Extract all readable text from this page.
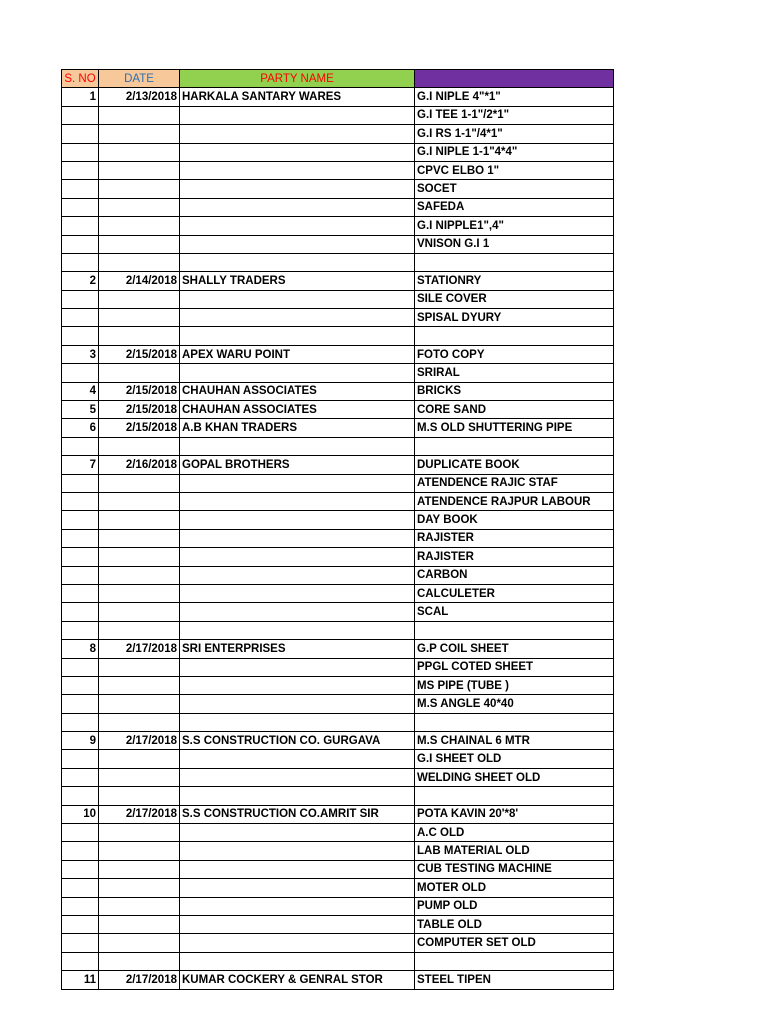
S. NO	DATE	PARTY NAME	
1	2/13/2018	HARKALA SANTARY WARES	G.I NIPLE 4"*1"
			G.I TEE 1-1"/2*1"
			G.I RS 1-1"/4*1"
			G.I NIPLE 1-1"4*4"
			CPVC ELBO 1"
			SOCET
			SAFEDA
			G.I NIPPLE1",4"
			VNISON G.I 1

2	2/14/2018	SHALLY TRADERS	STATIONRY
			SILE COVER
			SPISAL DYURY

3	2/15/2018	APEX WARU POINT	FOTO COPY
			SRIRAL
4	2/15/2018	CHAUHAN ASSOCIATES	BRICKS
5	2/15/2018	CHAUHAN ASSOCIATES	CORE SAND
6	2/15/2018	A.B KHAN TRADERS	M.S OLD SHUTTERING PIPE

7	2/16/2018	GOPAL BROTHERS	DUPLICATE BOOK
			ATENDENCE RAJIC STAF
			ATENDENCE RAJPUR LABOUR
			DAY BOOK
			RAJISTER
			RAJISTER
			CARBON
			CALCULETER
			SCAL

8	2/17/2018	SRI ENTERPRISES	G.P COIL SHEET
			PPGL COTED SHEET
			MS PIPE (TUBE )
			M.S ANGLE 40*40

9	2/17/2018	S.S CONSTRUCTION CO. GURGAVA	M.S CHAINAL 6 MTR
			G.I SHEET OLD
			WELDING SHEET OLD

10	2/17/2018	S.S CONSTRUCTION CO.AMRIT SIR	POTA KAVIN 20'*8'
			A.C OLD
			LAB MATERIAL OLD
			CUB TESTING MACHINE
			MOTER OLD
			PUMP OLD
			TABLE OLD
			COMPUTER SET OLD

11	2/17/2018	KUMAR COCKERY & GENRAL STOR	STEEL TIPEN
